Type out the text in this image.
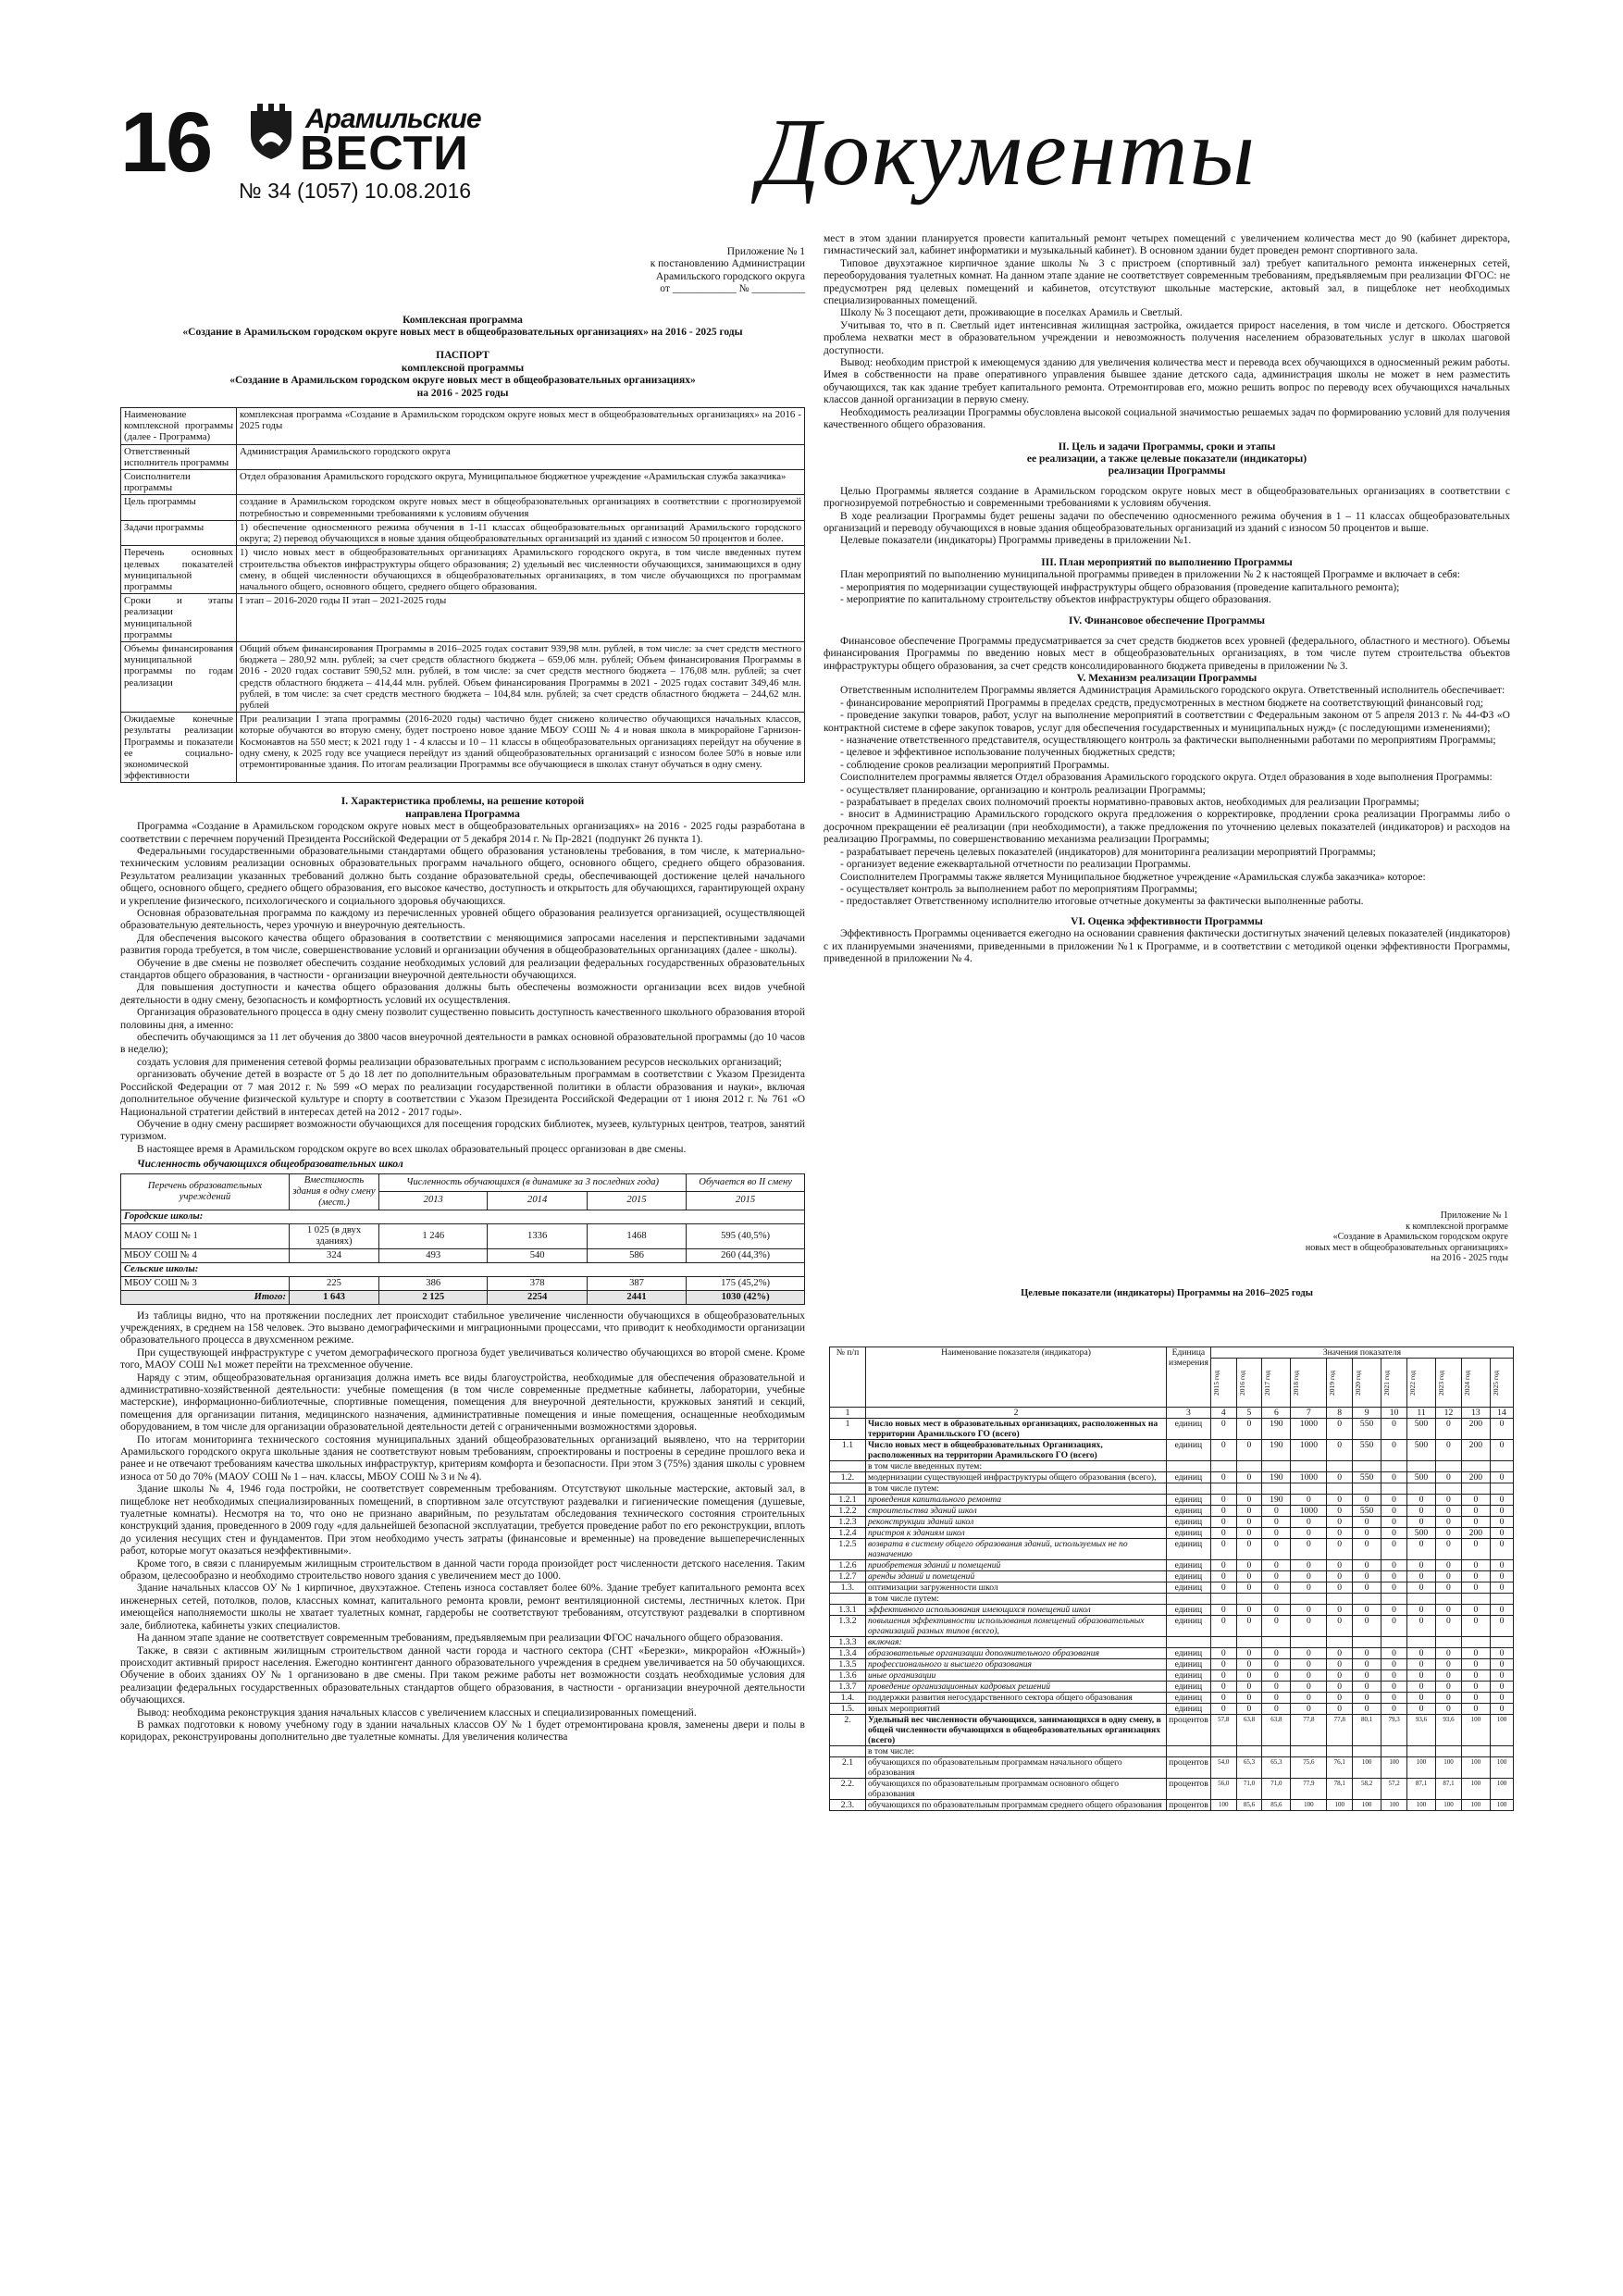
16	Арамильские
ВЕСТИ
№ 34 (1057) 10.08.2016	Документы
Приложение № 1
к постановлению Администрации
Арамильского городского округа
от ____________ № __________

Комплексная программа

«Создание в Арамильском городском округе новых мест в общеобразовательных организациях» на 2016 - 2025 годы

ПАСПОРТ

комплексной программы

«Создание в Арамильском городском округе новых мест в общеобразовательных организациях»

на 2016 - 2025 годы

Наименование комплексной программы (далее - Программа)	комплексная программа «Создание в Арамильском городском округе новых мест в общеобразовательных организациях» на 2016 - 2025 годы
Ответственный исполнитель программы	Администрация Арамильского городского округа
Соисполнители программы	Отдел образования Арамильского городского округа, Муниципальное бюджетное учреждение «Арамильская служба заказчика»
Цель программы	создание в Арамильском городском округе новых мест в общеобразовательных организациях в соответствии с прогнозируемой потребностью и современными требованиями к условиям обучения
Задачи программы	1) обеспечение односменного режима обучения в 1-11 классах общеобразовательных организаций Арамильского городского округа; 2) перевод обучающихся в новые здания общеобразовательных организаций из зданий с износом 50 процентов и более.
Перечень основных целевых показателей муниципальной программы	1) число новых мест в общеобразовательных организациях Арамильского городского округа, в том числе введенных путем строительства объектов инфраструктуры общего образования; 2) удельный вес численности обучающихся, занимающихся в одну смену, в общей численности обучающихся в общеобразовательных организациях, в том числе обучающихся по программам начального общего, основного общего, среднего общего образования.
Сроки и этапы реализации муниципальной программы	I этап – 2016-2020 годы II этап – 2021-2025 годы
Объемы финансирования муниципальной программы по годам реализации	Общий объем финансирования Программы в 2016–2025 годах составит 939,98 млн. рублей, в том числе: за счет средств местного бюджета – 280,92 млн. рублей; за счет средств областного бюджета – 659,06 млн. рублей; Объем финансирования Программы в 2016 - 2020 годах составит 590,52 млн. рублей, в том числе: за счет средств местного бюджета – 176,08 млн. рублей; за счет средств областного бюджета – 414,44 млн. рублей. Объем финансирования Программы в 2021 - 2025 годах составит 349,46 млн. рублей, в том числе: за счет средств местного бюджета – 104,84 млн. рублей; за счет средств областного бюджета – 244,62 млн. рублей
Ожидаемые конечные результаты реализации Программы и показатели ее социально-экономической эффективности	При реализации I этапа программы (2016-2020 годы) частично будет снижено количество обучающихся начальных классов, которые обучаются во вторую смену, будет построено новое здание МБОУ СОШ № 4 и новая школа в микрорайоне Гарнизон-Космонавтов на 550 мест; к 2021 году 1 - 4 классы и 10 – 11 классы в общеобразовательных организациях перейдут на обучение в одну смену, к 2025 году все учащиеся перейдут из зданий общеобразовательных организаций с износом более 50% в новые или отремонтированные здания. По итогам реализации Программы все обучающиеся в школах станут обучаться в одну смену.

I. Характеристика проблемы, на решение которой

направлена Программа

Программа «Создание в Арамильском городском округе новых мест в общеобразовательных организациях» на 2016 - 2025 годы разработана в соответствии с перечнем поручений Президента Российской Федерации от 5 декабря 2014 г. № Пр-2821 (подпункт 26 пункта 1).

Федеральными государственными образовательными стандартами общего образования установлены требования, в том числе, к материально-техническим условиям реализации основных образовательных программ начального общего, основного общего, среднего общего образования. Результатом реализации указанных требований должно быть создание образовательной среды, обеспечивающей достижение целей начального общего, основного общего, среднего общего образования, его высокое качество, доступность и открытость для обучающихся, гарантирующей охрану и укрепление физического, психологического и социального здоровья обучающихся.

Основная образовательная программа по каждому из перечисленных уровней общего образования реализуется организацией, осуществляющей образовательную деятельность, через урочную и внеурочную деятельность.

Для обеспечения высокого качества общего образования в соответствии с меняющимися запросами населения и перспективными задачами развития города требуется, в том числе, совершенствование условий и организации обучения в общеобразовательных организациях (далее - школы).

Обучение в две смены не позволяет обеспечить создание необходимых условий для реализации федеральных государственных образовательных стандартов общего образования, в частности - организации внеурочной деятельности обучающихся.

Для повышения доступности и качества общего образования должны быть обеспечены возможности организации всех видов учебной деятельности в одну смену, безопасность и комфортность условий их осуществления.

Организация образовательного процесса в одну смену позволит существенно повысить доступность качественного школьного образования второй половины дня, а именно:

обеспечить обучающимся за 11 лет обучения до 3800 часов внеурочной деятельности в рамках основной образовательной программы (до 10 часов в неделю);

создать условия для применения сетевой формы реализации образовательных программ с использованием ресурсов нескольких организаций;

организовать обучение детей в возрасте от 5 до 18 лет по дополнительным образовательным программам в соответствии с Указом Президента Российской Федерации от 7 мая 2012 г. № 599 «О мерах по реализации государственной политики в области образования и науки», включая дополнительное обучение физической культуре и спорту в соответствии с Указом Президента Российской Федерации от 1 июня 2012 г. № 761 «О Национальной стратегии действий в интересах детей на 2012 - 2017 годы».

Обучение в одну смену расширяет возможности обучающихся для посещения городских библиотек, музеев, культурных центров, театров, занятий туризмом.

В настоящее время в Арамильском городском округе во всех школах образовательный процесс организован в две смены.

Численность обучающихся общеобразовательных школ

Перечень образовательных учреждений	Вместимость здания в одну смену (мест.)	Численность обучающихся (в динамике за 3 последних года)			Обучается во II смену
		2013	2014	2015	2015
Городские школы:					
МАОУ СОШ № 1	1 025 (в двух зданиях)	1 246	1336	1468	595 (40,5%)
МБОУ СОШ № 4	324	493	540	586	260 (44,3%)
Сельские школы:					
МБОУ СОШ № 3	225	386	378	387	175 (45,2%)
Итого:	1 643	2 125	2254	2441	1030 (42%)

Из таблицы видно, что на протяжении последних лет происходит стабильное увеличение численности обучающихся в общеобразовательных учреждениях, в среднем на 158 человек. Это вызвано демографическими и миграционными процессами, что приводит к необходимости организации образовательного процесса в двухсменном режиме.

При существующей инфраструктуре с учетом демографического прогноза будет увеличиваться количество обучающихся во второй смене. Кроме того, МАОУ СОШ №1 может перейти на трехсменное обучение.

Наряду с этим, общеобразовательная организация должна иметь все виды благоустройства, необходимые для обеспечения образовательной и административно-хозяйственной деятельности: учебные помещения (в том числе современные предметные кабинеты, лаборатории, учебные мастерские), информационно-библиотечные, спортивные помещения, помещения для внеурочной деятельности, кружковых занятий и секций, помещения для организации питания, медицинского назначения, административные помещения и иные помещения, оснащенные необходимым оборудованием, в том числе для организации образовательной деятельности детей с ограниченными возможностями здоровья.

По итогам мониторинга технического состояния муниципальных зданий общеобразовательных организаций выявлено, что на территории Арамильского городского округа школьные здания не соответствуют новым требованиям, спроектированы и построены в середине прошлого века и ранее и не отвечают требованиям качества школьных инфраструктур, критериям комфорта и безопасности. При этом 3 (75%) здания школы с уровнем износа от 50 до 70% (МАОУ СОШ № 1 – нач. классы, МБОУ СОШ № 3 и № 4).

Здание школы № 4, 1946 года постройки, не соответствует современным требованиям. Отсутствуют школьные мастерские, актовый зал, в пищеблоке нет необходимых специализированных помещений, в спортивном зале отсутствуют раздевалки и гигиенические помещения (душевые, туалетные комнаты). Несмотря на то, что оно не признано аварийным, по результатам обследования технического состояния строительных конструкций здания, проведенного в 2009 году «для дальнейшей безопасной эксплуатации, требуется проведение работ по его реконструкции, вплоть до усиления несущих стен и фундаментов. При этом необходимо учесть затраты (финансовые и временные) на проведение вышеперечисленных работ, которые могут оказаться неэффективными».

Кроме того, в связи с планируемым жилищным строительством в данной части города произойдет рост численности детского населения. Таким образом, целесообразно и необходимо строительство нового здания с увеличением мест до 1000.

Здание начальных классов ОУ № 1 кирпичное, двухэтажное. Степень износа составляет более 60%. Здание требует капитального ремонта всех инженерных сетей, потолков, полов, классных комнат, капитального ремонта кровли, ремонт вентиляционной системы, лестничных клеток. При имеющейся наполняемости школы не хватает туалетных комнат, гардеробы не соответствуют требованиям, отсутствуют раздевалки в спортивном зале, библиотека, кабинеты узких специалистов.

На данном этапе здание не соответствует современным требованиям, предъявляемым при реализации ФГОС начального общего образования.

Также, в связи с активным жилищным строительством данной части города и частного сектора (СНТ «Березки», микрорайон «Южный») происходит активный прирост населения. Ежегодно контингент данного образовательного учреждения в среднем увеличивается на 50 обучающихся. Обучение в обоих зданиях ОУ № 1 организовано в две смены. При таком режиме работы нет возможности создать необходимые условия для реализации федеральных государственных образовательных стандартов общего образования, в частности - организации внеурочной деятельности обучающихся.

Вывод: необходима реконструкция здания начальных классов с увеличением классных и специализированных помещений.

В рамках подготовки к новому учебному году в здании начальных классов ОУ № 1 будет отремонтирована кровля, заменены двери и полы в коридорах, реконструированы дополнительно две туалетные комнаты. Для увеличения количества

мест в этом здании планируется провести капитальный ремонт четырех помещений с увеличением количества мест до 90 (кабинет директора, гимнастический зал, кабинет информатики и музыкальный кабинет). В основном здании будет проведен ремонт спортивного зала.

Типовое двухэтажное кирпичное здание школы № 3 с пристроем (спортивный зал) требует капитального ремонта инженерных сетей, переоборудования туалетных комнат. На данном этапе здание не соответствует современным требованиям, предъявляемым при реализации ФГОС: не предусмотрен ряд целевых помещений и кабинетов, отсутствуют школьные мастерские, актовый зал, в пищеблоке нет необходимых специализированных помещений.

Школу № 3 посещают дети, проживающие в поселках Арамиль и Светлый.

Учитывая то, что в п. Светлый идет интенсивная жилищная застройка, ожидается прирост населения, в том числе и детского. Обостряется проблема нехватки мест в образовательном учреждении и невозможность получения населением образовательных услуг в школах шаговой доступности.

Вывод: необходим пристрой к имеющемуся зданию для увеличения количества мест и перевода всех обучающихся в односменный режим работы. Имея в собственности на праве оперативного управления бывшее здание детского сада, администрация школы не может в нем разместить обучающихся, так как здание требует капитального ремонта. Отремонтировав его, можно решить вопрос по переводу всех обучающихся начальных классов данной организации в первую смену.

Необходимость реализации Программы обусловлена высокой социальной значимостью решаемых задач по формированию условий для получения качественного общего образования.

II. Цель и задачи Программы, сроки и этапы

ее реализации, а также целевые показатели (индикаторы)

реализации Программы

Целью Программы является создание в Арамильском городском округе новых мест в общеобразовательных организациях в соответствии с прогнозируемой потребностью и современными требованиями к условиям обучения.

В ходе реализации Программы будет решены задачи по обеспечению односменного режима обучения в 1 – 11 классах общеобразовательных организаций и переводу обучающихся в новые здания общеобразовательных организаций из зданий с износом 50 процентов и выше.

Целевые показатели (индикаторы) Программы приведены в приложении №1.

III. План мероприятий по выполнению Программы

План мероприятий по выполнению муниципальной программы приведен в приложении № 2 к настоящей Программе и включает в себя:

- мероприятия по модернизации существующей инфраструктуры общего образования (проведение капитального ремонта);

- мероприятие по капитальному строительству объектов инфраструктуры общего образования.

IV. Финансовое обеспечение Программы

Финансовое обеспечение Программы предусматривается за счет средств бюджетов всех уровней (федерального, областного и местного). Объемы финансирования Программы по введению новых мест в общеобразовательных организациях, в том числе путем строительства объектов инфраструктуры общего образования, за счет средств консолидированного бюджета приведены в приложении № 3.

V. Механизм реализации Программы

Ответственным исполнителем Программы является Администрация Арамильского городского округа. Ответственный исполнитель обеспечивает:

- финансирование мероприятий Программы в пределах средств, предусмотренных в местном бюджете на соответствующий финансовый год;

- проведение закупки товаров, работ, услуг на выполнение мероприятий в соответствии с Федеральным законом от 5 апреля 2013 г. № 44-ФЗ «О контрактной системе в сфере закупок товаров, услуг для обеспечения государственных и муниципальных нужд» (с последующими изменениями);

- назначение ответственного представителя, осуществляющего контроль за фактически выполненными работами по мероприятиям Программы;

- целевое и эффективное использование полученных бюджетных средств;

- соблюдение сроков реализации мероприятий Программы.

Соисполнителем программы является Отдел образования Арамильского городского округа. Отдел образования в ходе выполнения Программы:

- осуществляет планирование, организацию и контроль реализации Программы;

- разрабатывает в пределах своих полномочий проекты нормативно-правовых актов, необходимых для реализации Программы;

- вносит в Администрацию Арамильского городского округа предложения о корректировке, продлении срока реализации Программы либо о досрочном прекращении её реализации (при необходимости), а также предложения по уточнению целевых показателей (индикаторов) и расходов на реализацию Программы, по совершенствованию механизма реализации Программы;

- разрабатывает перечень целевых показателей (индикаторов) для мониторинга реализации мероприятий Программы;

- организует ведение ежеквартальной отчетности по реализации Программы.

Соисполнителем Программы также является Муниципальное бюджетное учреждение «Арамильская служба заказчика» которое:

- осуществляет контроль за выполнением работ по мероприятиям Программы;

- предоставляет Ответственному исполнителю итоговые отчетные документы за фактически выполненные работы.

VI. Оценка эффективности Программы

Эффективность Программы оценивается ежегодно на основании сравнения фактически достигнутых значений целевых показателей (индикаторов) с их планируемыми значениями, приведенными в приложении №1 к Программе, и в соответствии с методикой оценки эффективности Программы, приведенной в приложении № 4.

Приложение № 1
к комплексной программе
«Создание в Арамильском городском округе
новых мест в общеобразовательных организациях»
на 2016 - 2025 годы
Целевые показатели (индикаторы) Программы на 2016–2025 годы
№ п/п	Наименование показателя (индикатора)	Единица измерения	Значения показателя										

			2015 год	2016 год	2017 год	2018 год	2019 год	2020 год	2021 год	2022 год	2023 год	2024 год	2025 год

1	2	3	4	5	6	7	8	9	10	11	12	13	14
1	Число новых мест в образовательных организациях, расположенных на территории Арамильского ГО (всего)	единиц	0	0	190	1000	0	550	0	500	0	200	0
1.1	Число новых мест в общеобразовательных Организациях, расположенных на территории Арамильского ГО (всего)	единиц	0	0	190	1000	0	550	0	500	0	200	0
	в том числе введенных путем:												
1.2.	модернизации существующей инфраструктуры общего образования (всего),	единиц	0	0	190	1000	0	550	0	500	0	200	0
	в том числе путем:												
1.2.1	проведения капитального ремонта	единиц	0	0	190	0	0	0	0	0	0	0	0
1.2.2	строительства зданий школ	единиц	0	0	0	1000	0	550	0	0	0	0	0
1.2.3	реконструкции зданий школ	единиц	0	0	0	0	0	0	0	0	0	0	0
1.2.4	пристроя к зданиям школ	единиц	0	0	0	0	0	0	0	500	0	200	0
1.2.5	возврата в систему общего образования зданий, используемых не по назначению	единиц	0	0	0	0	0	0	0	0	0	0	0
1.2.6	приобретения зданий и помещений	единиц	0	0	0	0	0	0	0	0	0	0	0
1.2.7	аренды зданий и помещений	единиц	0	0	0	0	0	0	0	0	0	0	0
1.3.	оптимизации загруженности школ	единиц	0	0	0	0	0	0	0	0	0	0	0
	в том числе путем:												
1.3.1	эффективного использования имеющихся помещений школ	единиц	0	0	0	0	0	0	0	0	0	0	0
1.3.2	повышения эффективности использования помещений образовательных организаций разных типов (всего),	единиц	0	0	0	0	0	0	0	0	0	0	0
1.3.3	включая:												
1.3.4	образовательные организации дополнительного образования	единиц	0	0	0	0	0	0	0	0	0	0	0
1.3.5	профессионального и высшего образования	единиц	0	0	0	0	0	0	0	0	0	0	0
1.3.6	иные организации	единиц	0	0	0	0	0	0	0	0	0	0	0
1.3.7	проведение организационных кадровых решений	единиц	0	0	0	0	0	0	0	0	0	0	0
1.4.	поддержки развития негосударственного сектора общего образования	единиц	0	0	0	0	0	0	0	0	0	0	0
1.5.	иных мероприятий	единиц	0	0	0	0	0	0	0	0	0	0	0
2.	Удельный вес численности обучающихся, занимающихся в одну смену, в общей численности обучающихся в общеобразовательных организациях (всего)	процентов	57,8	63,8	63,8	77,8	77,8	80,1	79,3	93,6	93,6	100	100
	в том числе:												
2.1	обучающихся по образовательным программам начального общего образования	процентов	54,0	65,3	65,3	75,6	76,1	100	100	100	100	100	100
2.2.	обучающихся по образовательным программам основного общего образования	процентов	56,0	71,0	71,0	77,9	78,1	58,2	57,2	87,1	87,1	100	100
2.3.	обучающихся по образовательным программам среднего общего образования	процентов	100	85,6	85,6	100	100	100	100	100	100	100	100
